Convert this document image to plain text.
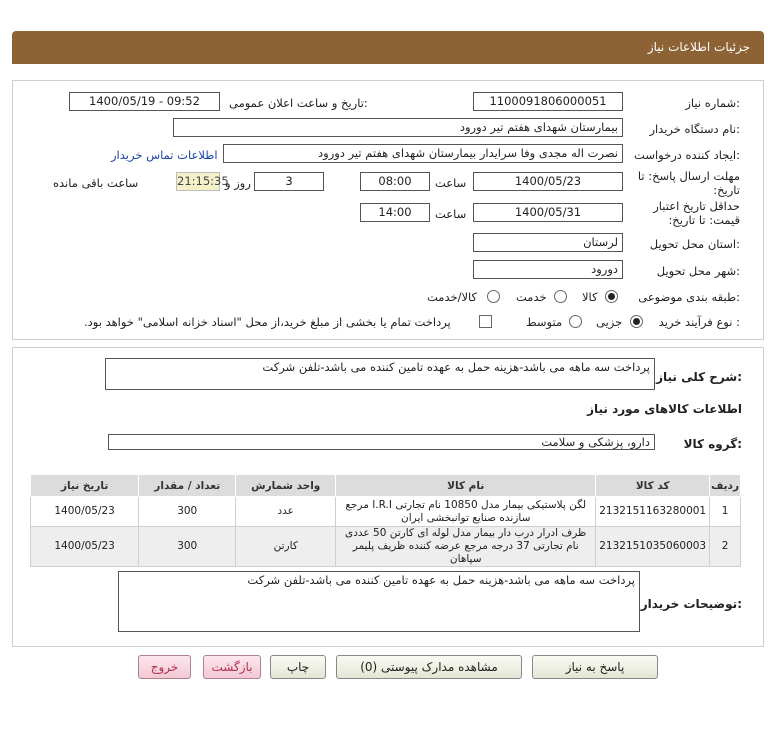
جزئیات اطلاعات نیاز
شماره نیاز:
1100091806000051
تاریخ و ساعت اعلان عمومی:
1400/05/19 - 09:52
نام دستگاه خریدار:
بیمارستان شهدای هفتم تیر دورود
ایجاد کننده درخواست:
نصرت اله مجدی وفا سرایدار بیمارستان شهدای هفتم تیر دورود
اطلاعات تماس خریدار
مهلت ارسال پاسخ: تا تاریخ:
1400/05/23
ساعت
08:00
3
روز و
21:15:35
ساعت باقی مانده
حداقل تاریخ اعتبار قیمت: تا تاریخ:
1400/05/31
ساعت
14:00
استان محل تحویل:
لرستان
شهر محل تحویل:
دورود
طبقه بندی موضوعی:
کالا
خدمت
کالا/خدمت
نوع فرآیند خرید :
جزیی
متوسط
پرداخت تمام یا بخشی از مبلغ خرید،از محل "اسناد خزانه اسلامی" خواهد بود.
شرح کلی نیاز:
پرداخت سه ماهه می باشد-هزینه حمل به عهده تامین کننده می باشد-تلفن شرکت
اطلاعات کالاهای مورد نیاز
گروه کالا:
دارو، پزشکی و سلامت
ردیف	کد کالا	نام کالا	واحد شمارش	تعداد / مقدار	تاریخ نیاز
1	2132151163280001	لگن پلاستیکی بیمار مدل 10850 نام تجارتی I.R.I مرجع سازنده صنایع توانبخشی ایران	عدد	300	1400/05/23
2	2132151035060003	ظرف ادرار درب دار بیمار مدل لوله ای کارتن 50 عددی نام تجارتی 37 درجه مرجع عرضه کننده ظریف پلیمر سپاهان	کارتن	300	1400/05/23
توضیحات خریدار:
پرداخت سه ماهه می باشد-هزینه حمل به عهده تامین کننده می باشد-تلفن شرکت
پاسخ به نیاز
مشاهده مدارک پیوستی (0)
چاپ
بازگشت
خروج
